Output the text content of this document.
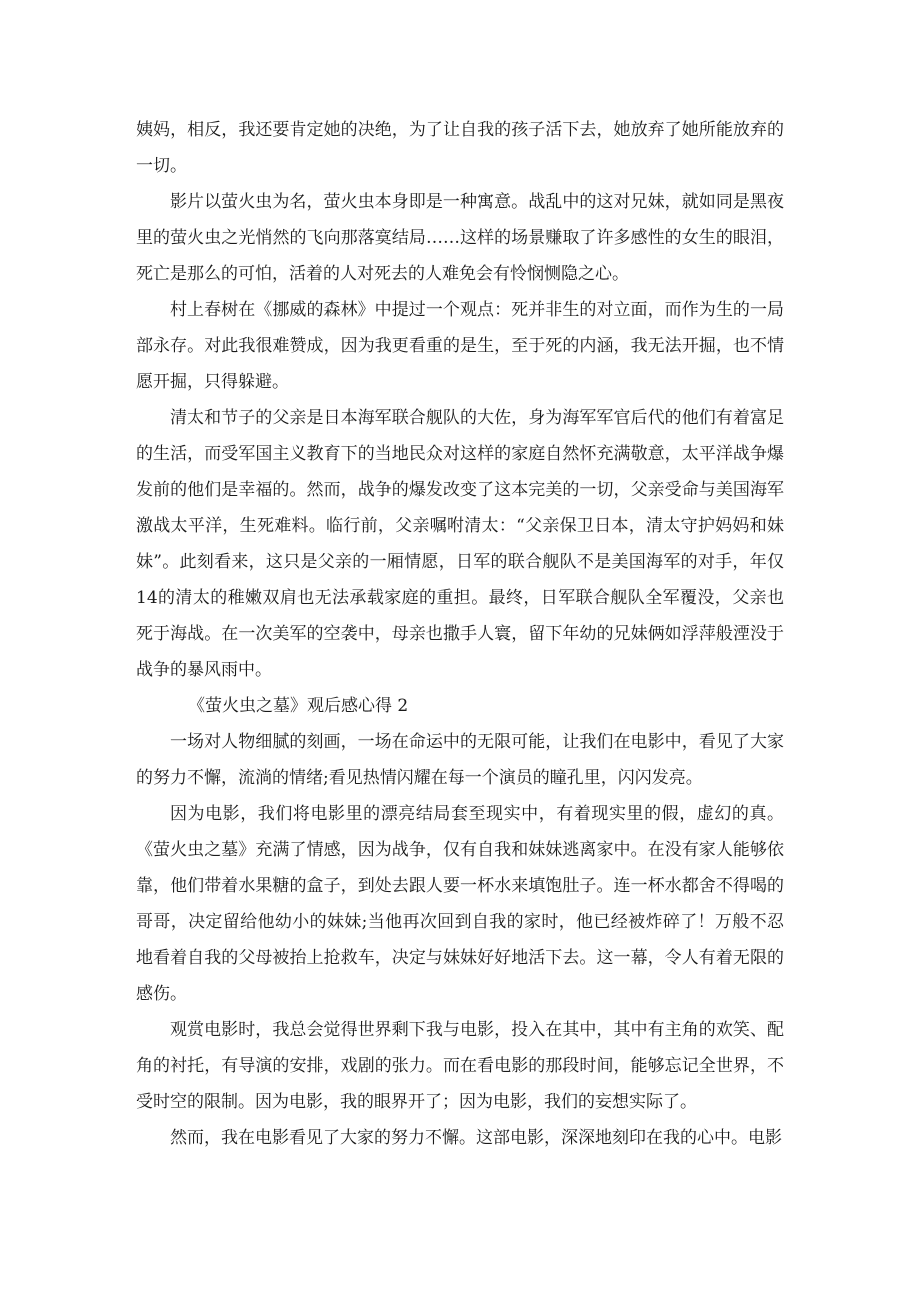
姨妈，相反，我还要肯定她的决绝，为了让自我的孩子活下去，她放弃了她所能放弃的一切。

影片以萤火虫为名，萤火虫本身即是一种寓意。战乱中的这对兄妹，就如同是黑夜里的萤火虫之光悄然的飞向那落寞结局……这样的场景赚取了许多感性的女生的眼泪，死亡是那么的可怕，活着的人对死去的人难免会有怜悯恻隐之心。

村上春树在《挪威的森林》中提过一个观点：死并非生的对立面，而作为生的一局部永存。对此我很难赞成，因为我更看重的是生，至于死的内涵，我无法开掘，也不情愿开掘，只得躲避。

清太和节子的父亲是日本海军联合舰队的大佐，身为海军军官后代的他们有着富足的生活，而受军国主义教育下的当地民众对这样的家庭自然怀充满敬意，太平洋战争爆发前的他们是幸福的。然而，战争的爆发改变了这本完美的一切，父亲受命与美国海军激战太平洋，生死难料。临行前，父亲嘱咐清太：“父亲保卫日本，清太守护妈妈和妹妹”。此刻看来，这只是父亲的一厢情愿，日军的联合舰队不是美国海军的对手，年仅14的清太的稚嫩双肩也无法承载家庭的重担。最终，日军联合舰队全军覆没，父亲也死于海战。在一次美军的空袭中，母亲也撒手人寰，留下年幼的兄妹俩如浮萍般湮没于战争的暴风雨中。

《萤火虫之墓》观后感心得 2

一场对人物细腻的刻画，一场在命运中的无限可能，让我们在电影中，看见了大家的努力不懈，流淌的情绪;看见热情闪耀在每一个演员的瞳孔里，闪闪发亮。

因为电影，我们将电影里的漂亮结局套至现实中，有着现实里的假，虚幻的真。《萤火虫之墓》充满了情感，因为战争，仅有自我和妹妹逃离家中。在没有家人能够依靠，他们带着水果糖的盒子，到处去跟人要一杯水来填饱肚子。连一杯水都舍不得喝的哥哥，决定留给他幼小的妹妹;当他再次回到自我的家时，他已经被炸碎了！万般不忍地看着自我的父母被抬上抢救车，决定与妹妹好好地活下去。这一幕，令人有着无限的感伤。

观赏电影时，我总会觉得世界剩下我与电影，投入在其中，其中有主角的欢笑、配角的衬托，有导演的安排，戏剧的张力。而在看电影的那段时间，能够忘记全世界，不受时空的限制。因为电影，我的眼界开了；因为电影，我们的妄想实际了。

然而，我在电影看见了大家的努力不懈。这部电影，深深地刻印在我的心中。电影
